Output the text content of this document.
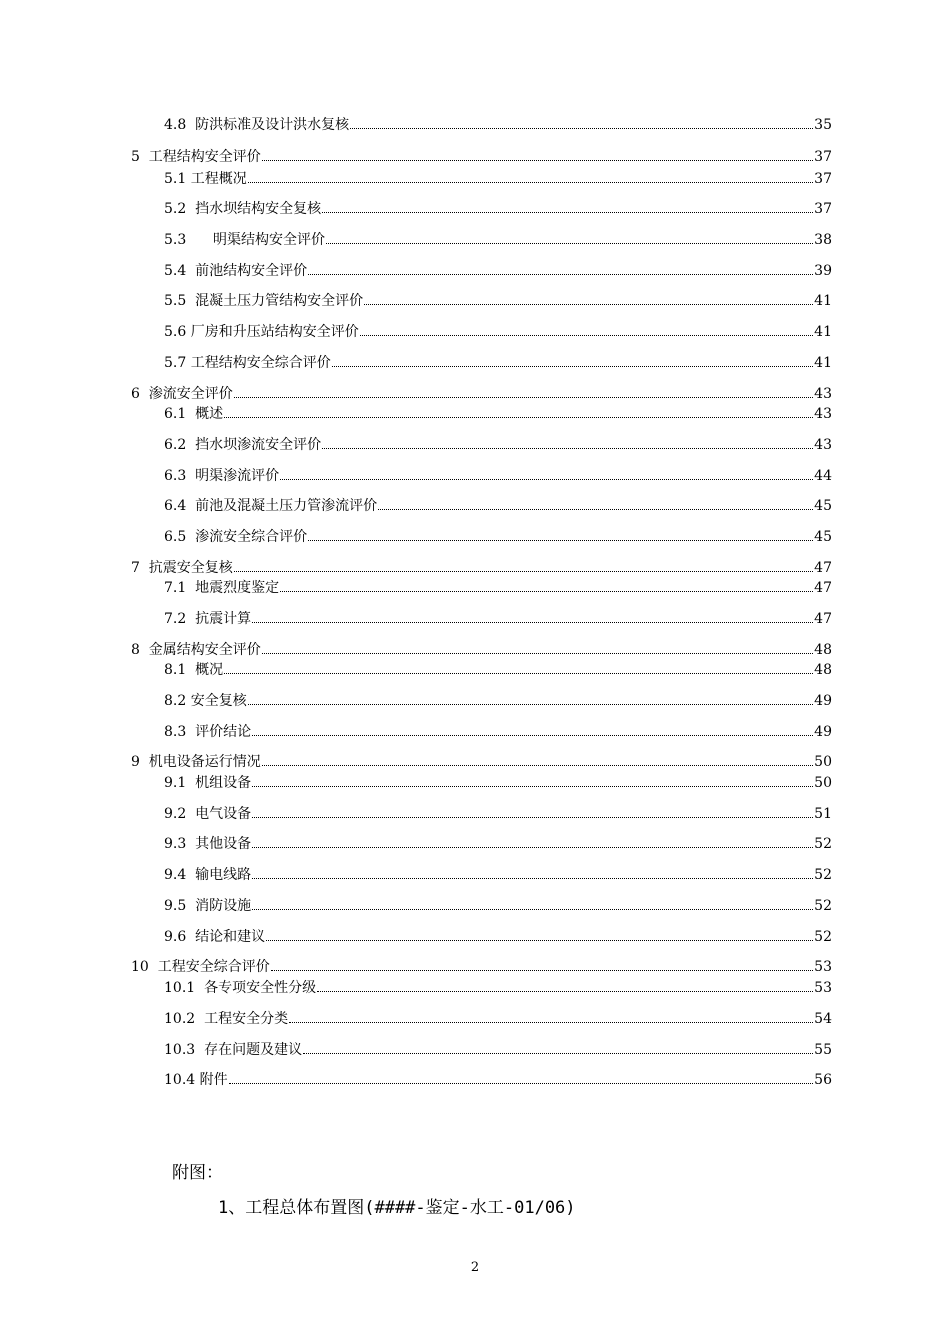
4.8  防洪标准及设计洪水复核	35
5  工程结构安全评价	37
5.1 工程概况	37
5.2  挡水坝结构安全复核	37
5.3      明渠结构安全评价	38
5.4  前池结构安全评价	39
5.5  混凝土压力管结构安全评价	41
5.6 厂房和升压站结构安全评价	41
5.7 工程结构安全综合评价	41
6  渗流安全评价	43
6.1  概述	43
6.2  挡水坝渗流安全评价	43
6.3  明渠渗流评价	44
6.4  前池及混凝土压力管渗流评价	45
6.5  渗流安全综合评价	45
7  抗震安全复核	47
7.1  地震烈度鉴定	47
7.2  抗震计算	47
8  金属结构安全评价	48
8.1  概况	48
8.2 安全复核	49
8.3  评价结论	49
9  机电设备运行情况	50
9.1  机组设备	50
9.2  电气设备	51
9.3  其他设备	52
9.4  输电线路	52
9.5  消防设施	52
9.6  结论和建议	52
10  工程安全综合评价	53
10.1  各专项安全性分级	53
10.2  工程安全分类	54
10.3  存在问题及建议	55
10.4 附件	56
附图：
1、工程总体布置图(####-鉴定-水工-01/06)
2
